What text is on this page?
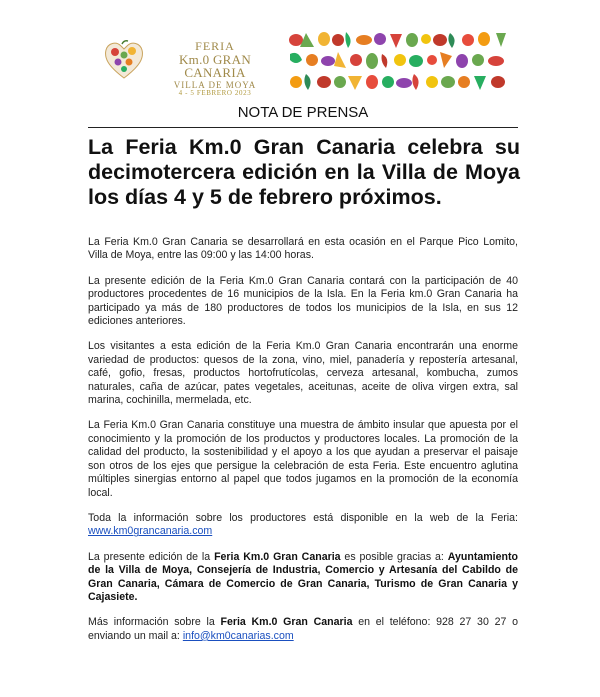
FERIA
Km.0 GRAN CANARIA
VILLA DE MOYA
4 - 5 FEBRERO 2023
NOTA DE PRENSA
La Feria Km.0 Gran Canaria celebra su decimotercera edición en la Villa de Moya los días 4 y 5 de febrero próximos.

La Feria Km.0 Gran Canaria se desarrollará en esta ocasión en el Parque Pico Lomito, Villa de Moya, entre las 09:00 y las 14:00 horas.

La presente edición de la Feria Km.0 Gran Canaria contará con la participación de 40 productores procedentes de 16 municipios de la Isla. En la Feria km.0 Gran Canaria ha participado ya más de 180 productores de todos los municipios de la Isla, en sus 12 ediciones anteriores.

Los visitantes a esta edición de la Feria Km.0 Gran Canaria encontrarán una enorme variedad de productos: quesos de la zona, vino, miel, panadería y repostería artesanal, café, gofio, fresas, productos hortofrutícolas, cerveza artesanal, kombucha, zumos naturales, caña de azúcar, pates vegetales, aceitunas, aceite de oliva virgen extra, sal marina, cochinilla, mermelada, etc.

La Feria Km.0 Gran Canaria constituye una muestra de ámbito insular que apuesta por el conocimiento y la promoción de los productos y productores locales. La promoción de la calidad del producto, la sostenibilidad y el apoyo a los que ayudan a preservar el paisaje son otros de los ejes que persigue la celebración de esta Feria. Este encuentro aglutina múltiples sinergias entorno al papel que todos jugamos en la promoción de la economía local.

Toda la información sobre los productores está disponible en la web de la Feria: www.km0grancanaria.com

La presente edición de la Feria Km.0 Gran Canaria es posible gracias a: Ayuntamiento de la Villa de Moya, Consejería de Industria, Comercio y Artesanía del Cabildo de Gran Canaria, Cámara de Comercio de Gran Canaria, Turismo de Gran Canaria y Cajasiete.

Más información sobre la Feria Km.0 Gran Canaria en el teléfono: 928 27 30 27 o enviando un mail a: info@km0canarias.com
